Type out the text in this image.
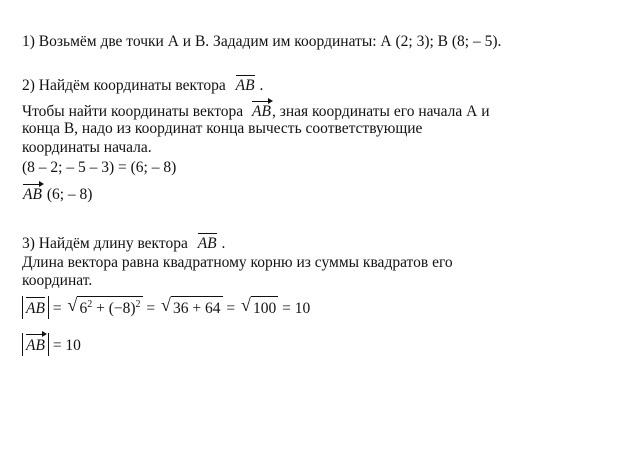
1) Возьмём две точки А и В. Зададим им координаты: А (2; 3); В (8; – 5).
2) Найдём координаты вектора AB .
Чтобы найти координаты вектора AB, зная координаты его начала А и
конца В, надо из координат конца вычесть соответствующие
координаты начала.
(8 – 2; – 5 – 3) = (6; – 8)
AB (6; – 8)
3) Найдём длину вектора AB .
Длина вектора равна квадратному корню из суммы квадратов его
координат.
AB = √ $6^2 + (-8)^2$ = √ 36 + 64 = √ 100 = 10
AB = 10
